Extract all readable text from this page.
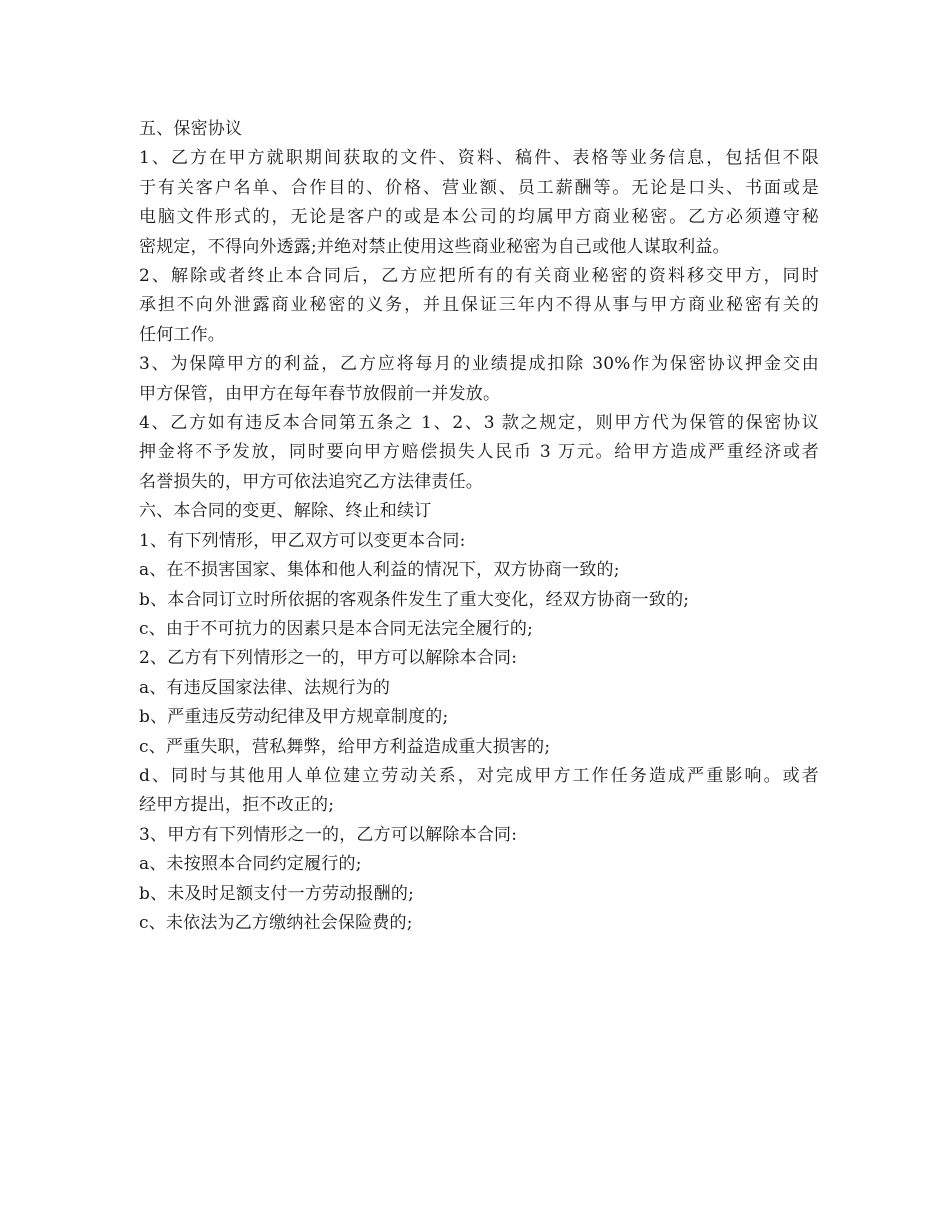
五、保密协议

1、乙方在甲方就职期间获取的文件、资料、稿件、表格等业务信息，包括但不限
于有关客户名单、合作目的、价格、营业额、员工薪酬等。无论是口头、书面或是
电脑文件形式的，无论是客户的或是本公司的均属甲方商业秘密。乙方必须遵守秘
密规定，不得向外透露;并绝对禁止使用这些商业秘密为自己或他人谋取利益。

2、解除或者终止本合同后，乙方应把所有的有关商业秘密的资料移交甲方，同时
承担不向外泄露商业秘密的义务，并且保证三年内不得从事与甲方商业秘密有关的
任何工作。

3、为保障甲方的利益，乙方应将每月的业绩提成扣除 30%作为保密协议押金交由
甲方保管，由甲方在每年春节放假前一并发放。

4、乙方如有违反本合同第五条之 1、2、3 款之规定，则甲方代为保管的保密协议
押金将不予发放，同时要向甲方赔偿损失人民币 3 万元。给甲方造成严重经济或者
名誉损失的，甲方可依法追究乙方法律责任。

六、本合同的变更、解除、终止和续订

1、有下列情形，甲乙双方可以变更本合同:

a、在不损害国家、集体和他人利益的情况下，双方协商一致的;

b、本合同订立时所依据的客观条件发生了重大变化，经双方协商一致的;

c、由于不可抗力的因素只是本合同无法完全履行的;

2、乙方有下列情形之一的，甲方可以解除本合同:

a、有违反国家法律、法规行为的

b、严重违反劳动纪律及甲方规章制度的;

c、严重失职，营私舞弊，给甲方利益造成重大损害的;

d、同时与其他用人单位建立劳动关系，对完成甲方工作任务造成严重影响。或者
经甲方提出，拒不改正的;

3、甲方有下列情形之一的，乙方可以解除本合同:

a、未按照本合同约定履行的;

b、未及时足额支付一方劳动报酬的;

c、未依法为乙方缴纳社会保险费的;
